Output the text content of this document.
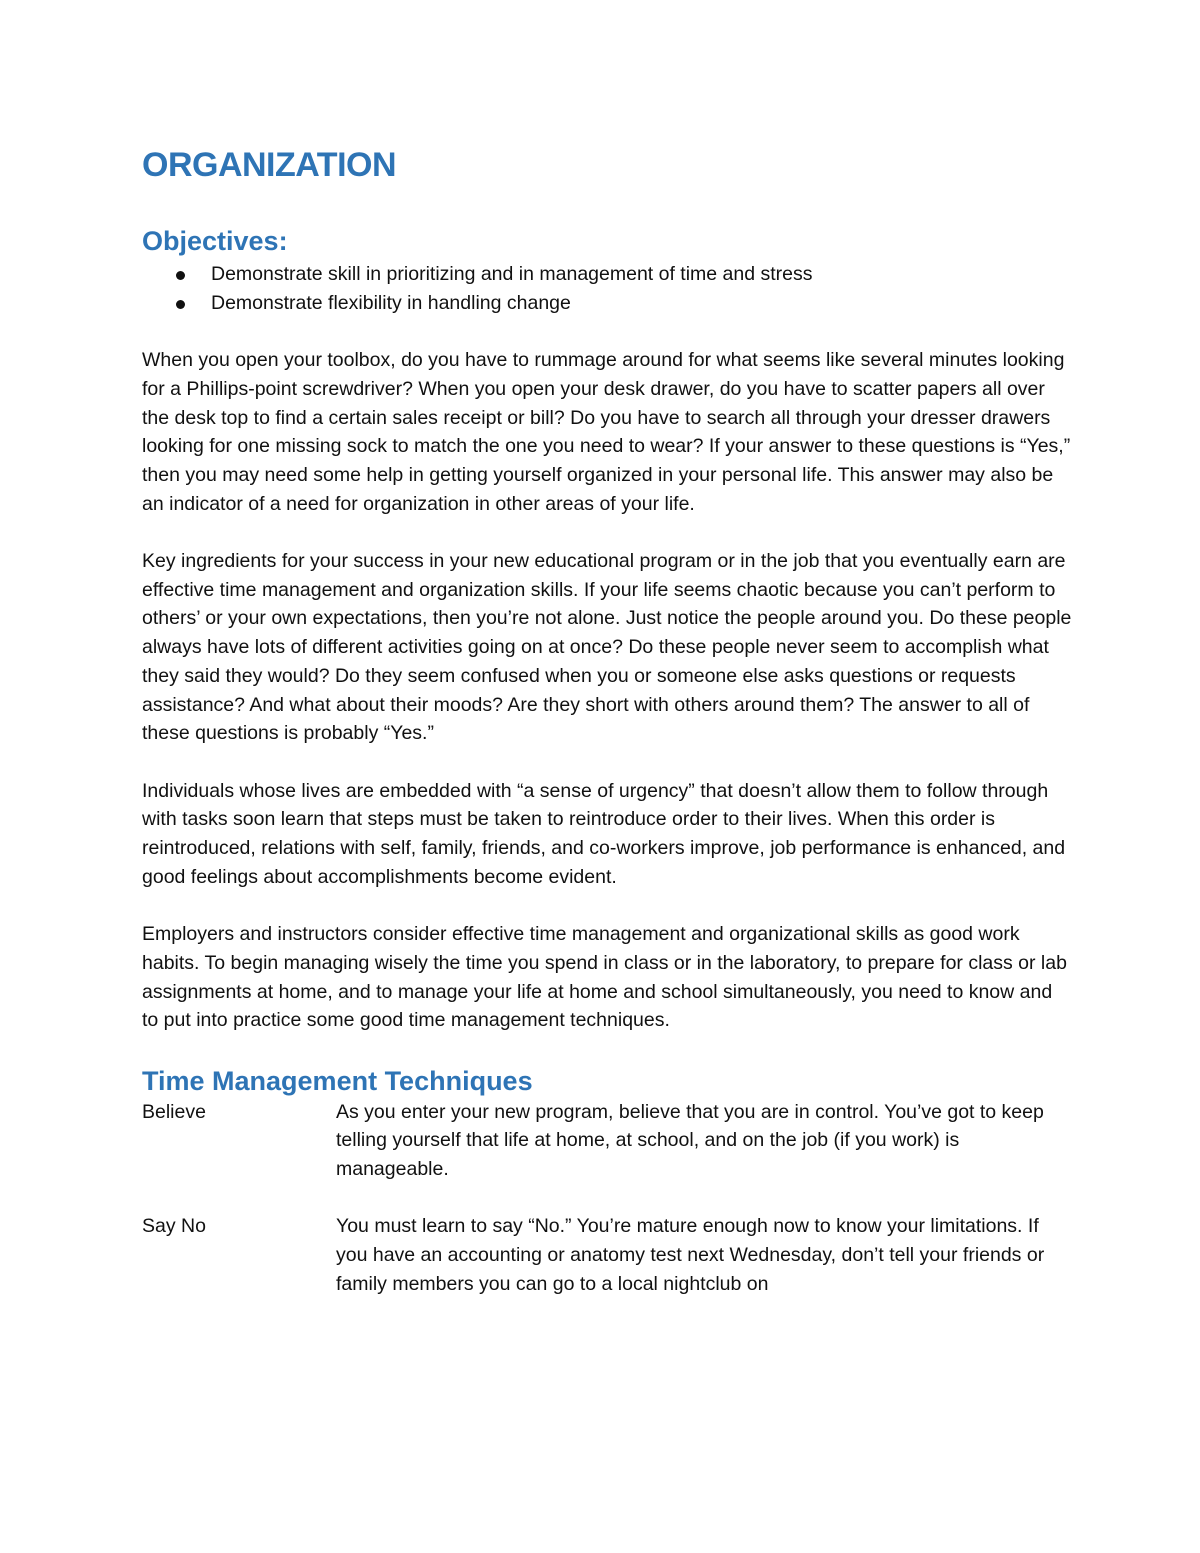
ORGANIZATION
Objectives:
Demonstrate skill in prioritizing and in management of time and stress
Demonstrate flexibility in handling change

When you open your toolbox, do you have to rummage around for what seems like several minutes looking for a Phillips-point screwdriver? When you open your desk drawer, do you have to scatter papers all over the desk top to find a certain sales receipt or bill? Do you have to search all through your dresser drawers looking for one missing sock to match the one you need to wear? If your answer to these questions is “Yes,” then you may need some help in getting yourself organized in your personal life. This answer may also be an indicator of a need for organization in other areas of your life.

Key ingredients for your success in your new educational program or in the job that you eventually earn are effective time management and organization skills. If your life seems chaotic because you can’t perform to others’ or your own expectations, then you’re not alone. Just notice the people around you. Do these people always have lots of different activities going on at once? Do these people never seem to accomplish what they said they would? Do they seem confused when you or someone else asks questions or requests assistance? And what about their moods? Are they short with others around them? The answer to all of these questions is probably “Yes.”

Individuals whose lives are embedded with “a sense of urgency” that doesn’t allow them to follow through with tasks soon learn that steps must be taken to reintroduce order to their lives. When this order is reintroduced, relations with self, family, friends, and co-workers improve, job performance is enhanced, and good feelings about accomplishments become evident.

Employers and instructors consider effective time management and organizational skills as good work habits. To begin managing wisely the time you spend in class or in the laboratory, to prepare for class or lab assignments at home, and to manage your life at home and school simultaneously, you need to know and to put into practice some good time management techniques.

Time Management Techniques
Believe	As you enter your new program, believe that you are in control. You’ve got to keep telling yourself that life at home, at school, and on the job (if you work) is manageable.
Say No	You must learn to say “No.” You’re mature enough now to know your limitations. If you have an accounting or anatomy test next Wednesday, don’t tell your friends or family members you can go to a local nightclub on
